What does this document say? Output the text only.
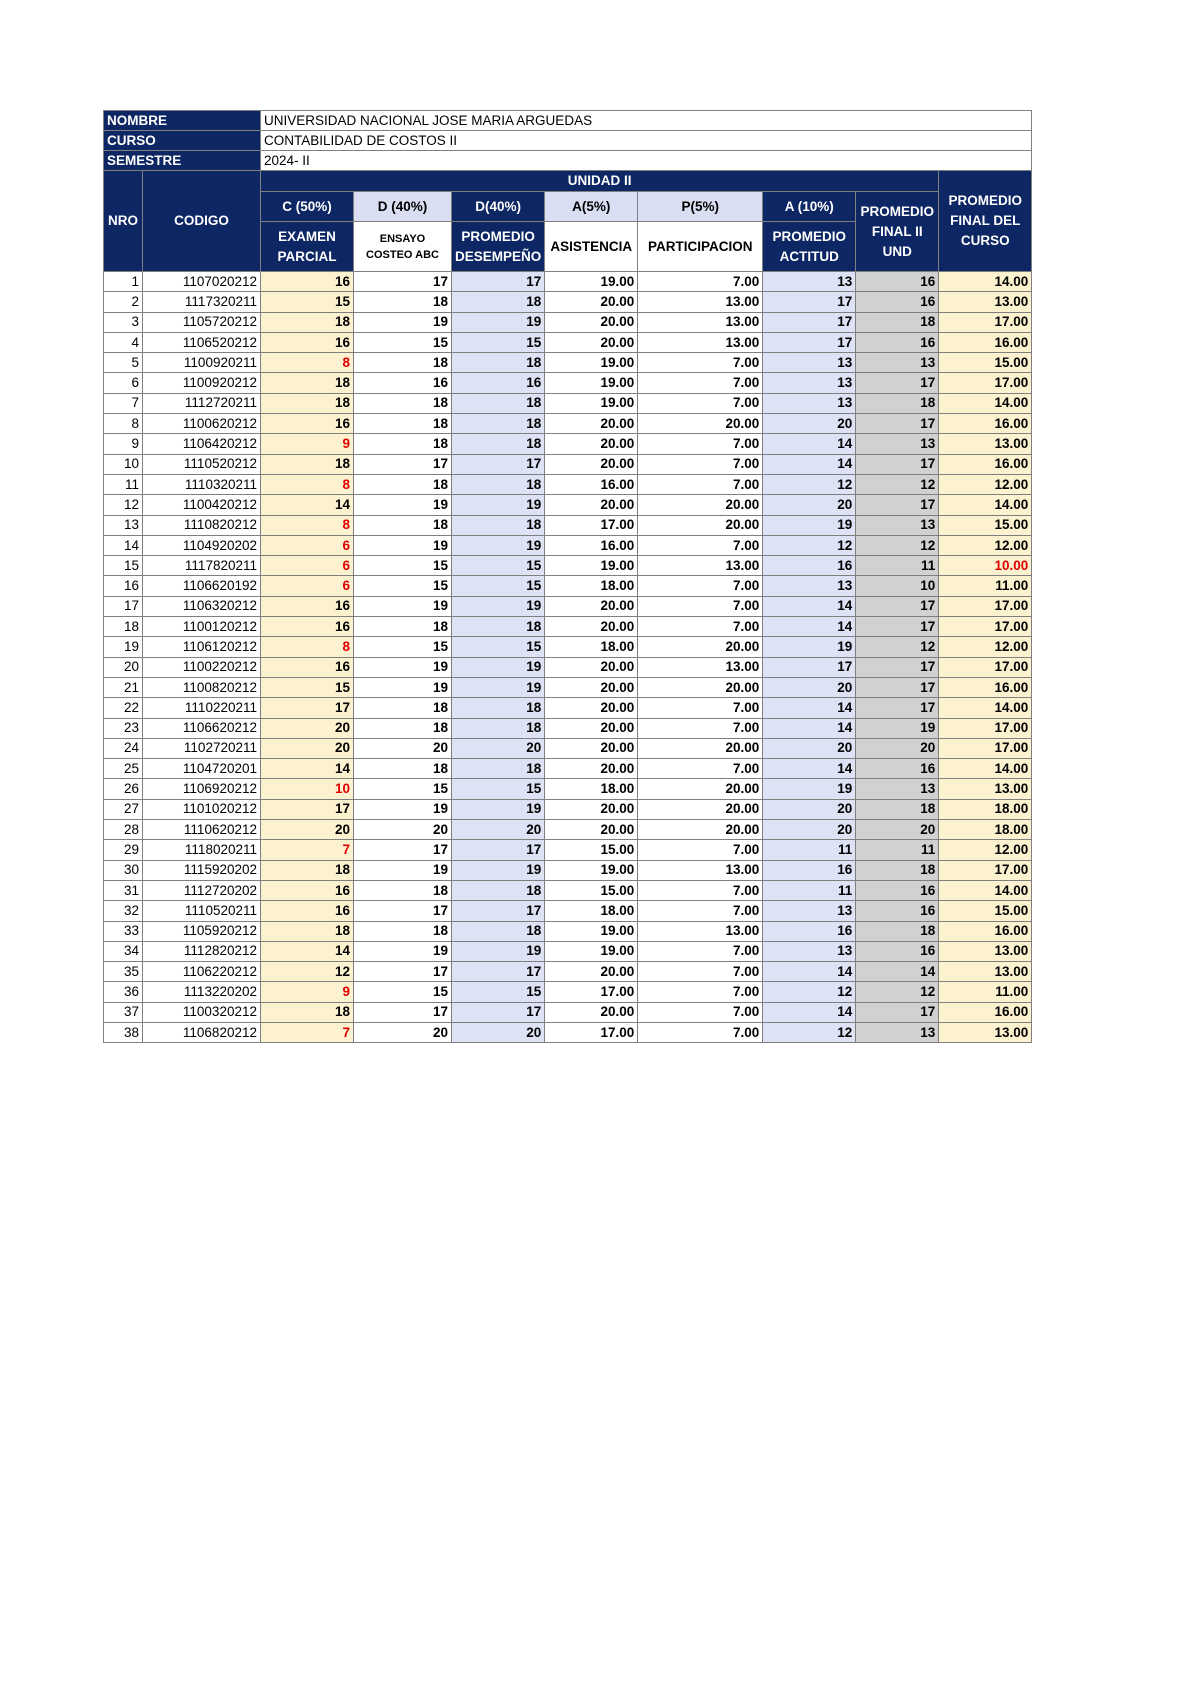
NOMBRE		UNIVERSIDAD NACIONAL JOSE MARIA ARGUEDAS							
CURSO		CONTABILIDAD DE COSTOS II							
SEMESTRE		2024- II							
NRO	CODIGO	UNIDAD II							PROMEDIO FINAL DEL CURSO
		C (50%)	D (40%)	D(40%)	A(5%)	P(5%)	A (10%)	PROMEDIO FINAL II UND	
		EXAMEN PARCIAL	ENSAYO COSTEO ABC	PROMEDIO DESEMPEÑO	ASISTENCIA	PARTICIPACION	PROMEDIO ACTITUD		
1	1107020212	16	17	17	19.00	7.00	13	16	14.00
2	1117320211	15	18	18	20.00	13.00	17	16	13.00
3	1105720212	18	19	19	20.00	13.00	17	18	17.00
4	1106520212	16	15	15	20.00	13.00	17	16	16.00
5	1100920211	8	18	18	19.00	7.00	13	13	15.00
6	1100920212	18	16	16	19.00	7.00	13	17	17.00
7	1112720211	18	18	18	19.00	7.00	13	18	14.00
8	1100620212	16	18	18	20.00	20.00	20	17	16.00
9	1106420212	9	18	18	20.00	7.00	14	13	13.00
10	1110520212	18	17	17	20.00	7.00	14	17	16.00
11	1110320211	8	18	18	16.00	7.00	12	12	12.00
12	1100420212	14	19	19	20.00	20.00	20	17	14.00
13	1110820212	8	18	18	17.00	20.00	19	13	15.00
14	1104920202	6	19	19	16.00	7.00	12	12	12.00
15	1117820211	6	15	15	19.00	13.00	16	11	10.00
16	1106620192	6	15	15	18.00	7.00	13	10	11.00
17	1106320212	16	19	19	20.00	7.00	14	17	17.00
18	1100120212	16	18	18	20.00	7.00	14	17	17.00
19	1106120212	8	15	15	18.00	20.00	19	12	12.00
20	1100220212	16	19	19	20.00	13.00	17	17	17.00
21	1100820212	15	19	19	20.00	20.00	20	17	16.00
22	1110220211	17	18	18	20.00	7.00	14	17	14.00
23	1106620212	20	18	18	20.00	7.00	14	19	17.00
24	1102720211	20	20	20	20.00	20.00	20	20	17.00
25	1104720201	14	18	18	20.00	7.00	14	16	14.00
26	1106920212	10	15	15	18.00	20.00	19	13	13.00
27	1101020212	17	19	19	20.00	20.00	20	18	18.00
28	1110620212	20	20	20	20.00	20.00	20	20	18.00
29	1118020211	7	17	17	15.00	7.00	11	11	12.00
30	1115920202	18	19	19	19.00	13.00	16	18	17.00
31	1112720202	16	18	18	15.00	7.00	11	16	14.00
32	1110520211	16	17	17	18.00	7.00	13	16	15.00
33	1105920212	18	18	18	19.00	13.00	16	18	16.00
34	1112820212	14	19	19	19.00	7.00	13	16	13.00
35	1106220212	12	17	17	20.00	7.00	14	14	13.00
36	1113220202	9	15	15	17.00	7.00	12	12	11.00
37	1100320212	18	17	17	20.00	7.00	14	17	16.00
38	1106820212	7	20	20	17.00	7.00	12	13	13.00
